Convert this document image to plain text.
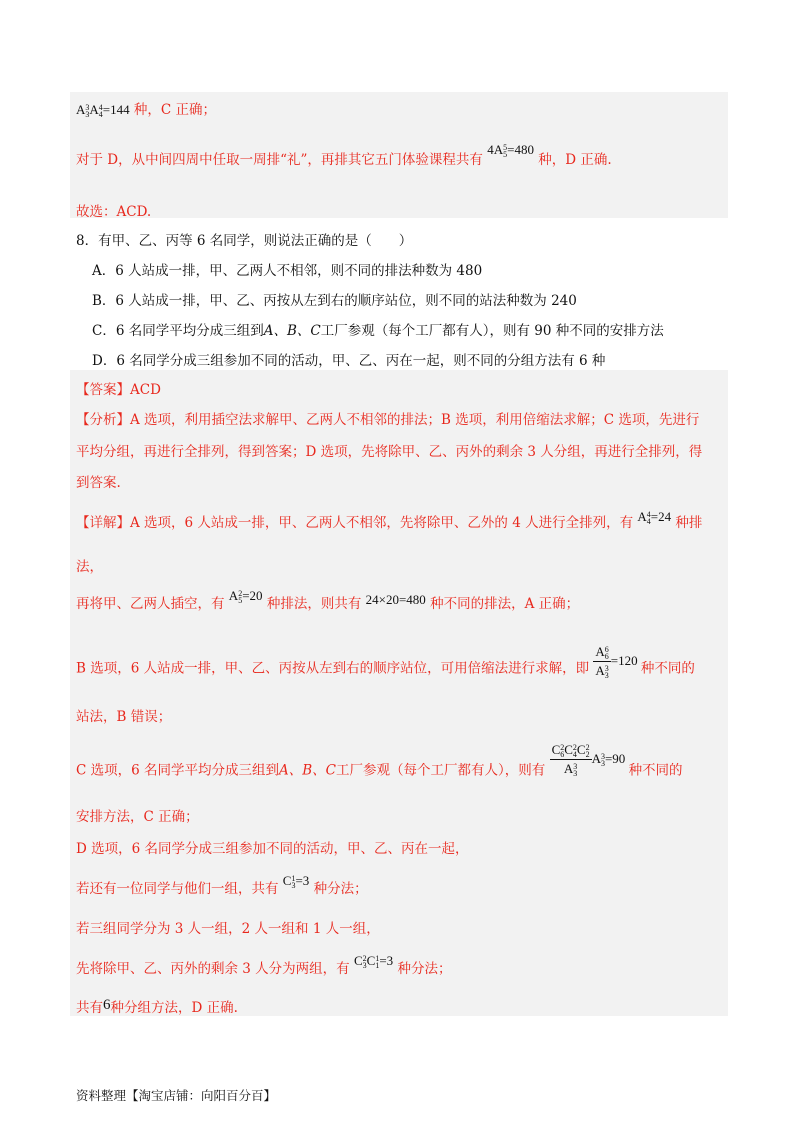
A3
3A4
4=144 种，C 正确；
对于 D，从中间四周中任取一周排“礼”，再排其它五门体验课程共有 4A5
5=480 种，D 正确.
故选：ACD.
8．有甲、乙、丙等 6 名同学，则说法正确的是（　　）
A．6 人站成一排，甲、乙两人不相邻，则不同的排法种数为 480
B．6 人站成一排，甲、乙、丙按从左到右的顺序站位，则不同的站法种数为 240
C．6 名同学平均分成三组到A、B、C工厂参观（每个工厂都有人），则有 90 种不同的安排方法
D．6 名同学分成三组参加不同的活动，甲、乙、丙在一起，则不同的分组方法有 6 种
【答案】ACD
【分析】A 选项，利用插空法求解甲、乙两人不相邻的排法；B 选项，利用倍缩法求解；C 选项，先进行
平均分组，再进行全排列，得到答案；D 选项，先将除甲、乙、丙外的剩余 3 人分组，再进行全排列，得
到答案.
【详解】A 选项，6 人站成一排，甲、乙两人不相邻，先将除甲、乙外的 4 人进行全排列，有 A4
4=24 种排
法，
再将甲、乙两人插空，有 A2
5=20 种排法，则共有 24×20=480 种不同的排法，A 正确；
B 选项，6 人站成一排，甲、乙、丙按从左到右的顺序站位，可用倍缩法进行求解，即
A6
6
A3
3
=120 种不同的
站法，B 错误；
C 选项，6 名同学平均分成三组到A、B、C工厂参观（每个工厂都有人），则有
C2
6C2
4C2
2
A3
3
A3
3=90 种不同的
安排方法，C 正确；
D 选项，6 名同学分成三组参加不同的活动，甲、乙、丙在一起，
若还有一位同学与他们一组，共有 C1
3=3 种分法；
若三组同学分为 3 人一组，2 人一组和 1 人一组，
先将除甲、乙、丙外的剩余 3 人分为两组，有 C2
3C1
1=3 种分法；
共有6种分组方法，D 正确.
资料整理【淘宝店铺：向阳百分百】
